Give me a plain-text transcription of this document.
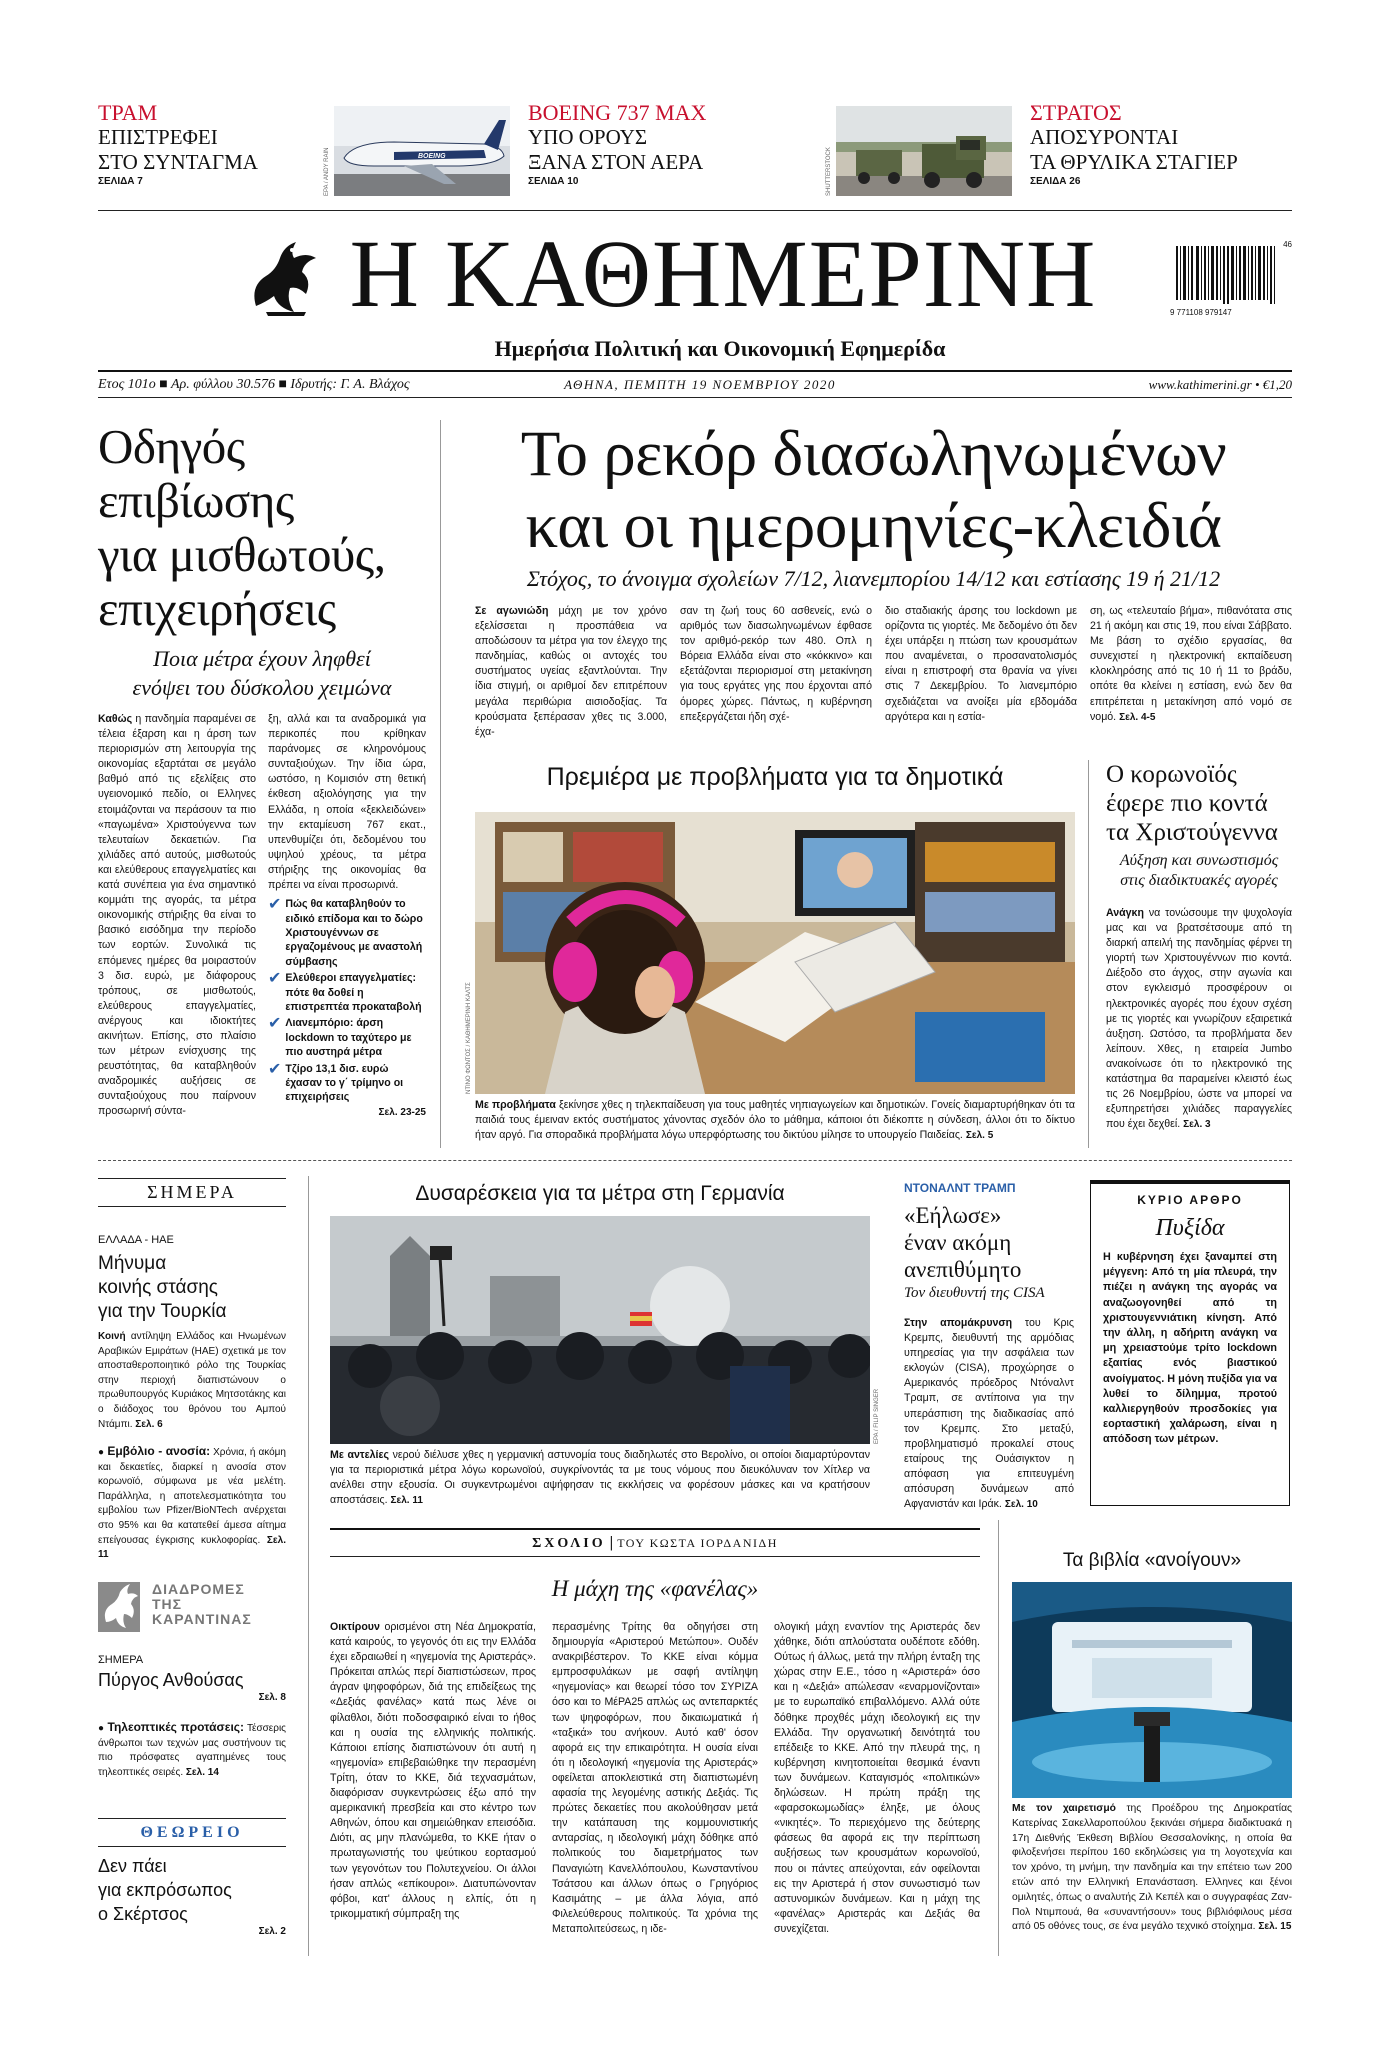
ΤΡΑΜ
ΕΠΙΣΤΡΕΦΕΙ
ΣΤΟ ΣΥΝΤΑΓΜΑ
ΣΕΛΙΔΑ 7
BOEING
EPA / ANDY RAIN
BOEING 737 MAX
ΥΠΟ ΟΡΟΥΣ
ΞΑΝΑ ΣΤΟΝ ΑΕΡΑ
ΣΕΛΙΔΑ 10	SHUTTERSTOCK
ΣΤΡΑΤΟΣ
ΑΠΟΣΥΡΟΝΤΑΙ
ΤΑ ΘΡΥΛΙΚΑ ΣΤΑΓΙΕΡ
ΣΕΛΙΔΑ 26
Η ΚΑΘΗΜΕΡΙΝΗ	46
9 771108 979147
Ημερήσια Πολιτική και Οικονομική Εφημερίδα
Ετος 101ο ■ Αρ. φύλλου 30.576 ■ Ιδρυτής: Γ. Α. Βλάχος	ΑΘΗΝΑ, ΠΕΜΠΤΗ 19 ΝΟΕΜΒΡΙΟΥ 2020	www.kathimerini.gr • €1,20
Οδηγός
επιβίωσης
για μισθωτούς,
επιχειρήσεις
Ποια μέτρα έχουν ληφθεί
ενόψει του δύσκολου χειμώνα

Καθώς η πανδημία παραμένει σε τέλεια έξαρση και η άρση των περιορισμών στη λειτουργία της οικονομίας εξαρτάται σε μεγάλο βαθμό από τις εξελίξεις στο υγειονομικό πεδίο, οι Ελληνες ετοιμάζονται να περάσουν τα πιο «παγωμένα» Χριστούγεννα των τελευταίων δεκαετιών. Για χιλιάδες από αυτούς, μισθωτούς και ελεύθερους επαγγελματίες και κατά συνέπεια για ένα σημαντικό κομμάτι της αγοράς, τα μέτρα οικονομικής στήριξης θα είναι το βασικό εισόδημα την περίοδο των εορτών. Συνολικά τις επόμενες ημέρες θα μοιραστούν 3 δισ. ευρώ, με διάφορους τρόπους, σε μισθωτούς, ελεύθερους επαγγελματίες, ανέργους και ιδιοκτήτες ακινήτων. Επίσης, στο πλαίσιο των μέτρων ενίσχυσης της ρευστότητας, θα καταβληθούν αναδρομικές αυξήσεις σε συνταξιούχους που παίρνουν προσωρινή σύντα-

ξη, αλλά και τα αναδρομικά για περικοπές που κρίθηκαν παράνομες σε κληρονόμους συνταξιούχων. Την ίδια ώρα, ωστόσο, η Κομισιόν στη θετική έκθεση αξιολόγησης για την Ελλάδα, η οποία «ξεκλειδώνει» την εκταμίευση 767 εκατ., υπενθυμίζει ότι, δεδομένου του υψηλού χρέους, τα μέτρα στήριξης της οικονομίας θα πρέπει να είναι προσωρινά.

✔ Πώς θα καταβληθούν το ειδικό επίδομα και το δώρο Χριστουγέννων σε εργαζομένους με αναστολή σύμβασης
✔ Ελεύθεροι επαγγελματίες: πότε θα δοθεί η επιστρεπτέα προκαταβολή
✔ Λιανεμπόριο: άρση lockdown το ταχύτερο με πιο αυστηρά μέτρα
✔ Τζίρο 13,1 δισ. ευρώ έχασαν το γ΄ τρίμηνο οι επιχειρήσεις
Σελ. 23-25
Το ρεκόρ διασωληνωμένων
και οι ημερομηνίες-κλειδιά
Στόχος, το άνοιγμα σχολείων 7/12, λιανεμπορίου 14/12 και εστίασης 19 ή 21/12

Σε αγωνιώδη μάχη με τον χρόνο εξελίσσεται η προσπάθεια να αποδώσουν τα μέτρα για τον έλεγχο της πανδημίας, καθώς οι αντοχές του συστήματος υγείας εξαντλούνται. Την ίδια στιγμή, οι αριθμοί δεν επιτρέπουν μεγάλα περιθώρια αισιοδοξίας. Τα κρούσματα ξεπέρασαν χθες τις 3.000, έχα-

σαν τη ζωή τους 60 ασθενείς, ενώ ο αριθμός των διασωληνωμένων έφθασε τον αριθμό-ρεκόρ των 480. Οπλ η Βόρεια Ελλάδα είναι στο «κόκκινο» και εξετάζονται περιορισμοί στη μετακίνηση για τους εργάτες γης που έρχονται από όμορες χώρες. Πάντως, η κυβέρνηση επεξεργάζεται ήδη σχέ-

διο σταδιακής άρσης του lockdown με ορίζοντα τις γιορτές. Με δεδομένο ότι δεν έχει υπάρξει η πτώση των κρουσμάτων που αναμένεται, ο προσανατολισμός είναι η επιστροφή στα θρανία να γίνει στις 7 Δεκεμβρίου. Το λιανεμπόριο σχεδιάζεται να ανοίξει μία εβδομάδα αργότερα και η εστία-

ση, ως «τελευταίο βήμα», πιθανότατα στις 21 ή ακόμη και στις 19, που είναι Σάββατο. Με βάση το σχέδιο εργασίας, θα συνεχιστεί η ηλεκτρονική εκπαίδευση κλοκληρόσης από τις 10 ή 11 το βράδυ, οπότε θα κλείνει η εστίαση, ενώ δεν θα επιτρέπεται η μετακίνηση από νομό σε νομό. Σελ. 4-5

Πρεμιέρα με προβλήματα για τα δημοτικά
ΝΤΙΝΟ ΦΩΝΤΟΣ / ΚΑΘΗΜΕΡΙΝΗ ΚΑΛΤΣ

Με προβλήματα ξεκίνησε χθες η τηλεκπαίδευση για τους μαθητές νηπιαγωγείων και δημοτικών. Γονείς διαμαρτυρήθηκαν ότι τα παιδιά τους έμειναν εκτός συστήματος χάνοντας σχεδόν όλο το μάθημα, κάποιοι ότι διέκοπτε η σύνδεση, άλλοι ότι το δίκτυο ήταν αργό. Για σποραδικά προβλήματα λόγω υπερφόρτωσης του δικτύου μίλησε το υπουργείο Παιδείας. Σελ. 5

Ο κορωνοϊός
έφερε πιο κοντά
τα Χριστούγεννα
Αύξηση και συνωστισμός
στις διαδικτυακές αγορές

Ανάγκη να τονώσουμε την ψυχολογία μας και να βρατσέτσουμε από τη διαρκή απειλή της πανδημίας φέρνει τη γιορτή των Χριστουγέννων πιο κοντά. Διέξοδο στο άγχος, στην αγωνία και στον εγκλεισμό προσφέρουν οι ηλεκτρονικές αγορές που έχουν σχέση με τις γιορτές και γνωρίζουν εξαιρετικά άυξηση. Ωστόσο, τα προβλήματα δεν λείπουν. Χθες, η εταιρεία Jumbo ανακοίνωσε ότι το ηλεκτρονικό της κατάστημα θα παραμείνει κλειστό έως τις 26 Νοεμβρίου, ώστε να μπορεί να εξυπηρετήσει χιλιάδες παραγγελίες που έχει δεχθεί. Σελ. 3

ΣΗΜΕΡΑ
ΕΛΛΑΔΑ - ΗΑΕ
Μήνυμα
κοινής στάσης
για την Τουρκία

Κοινή αντίληψη Ελλάδος και Ηνωμένων Αραβικών Εμιράτων (ΗΑΕ) σχετικά με τον αποσταθεροποιητικό ρόλο της Τουρκίας στην περιοχή διαπιστώνουν ο πρωθυπουργός Κυριάκος Μητσοτάκης και ο διάδοχος του θρόνου του Αμπού Ντάμπι. Σελ. 6

● Εμβόλιο - ανοσία: Χρόνια, ή ακόμη και δεκαετίες, διαρκεί η ανοσία στον κορωνοϊό, σύμφωνα με νέα μελέτη. Παράλληλα, η αποτελεσματικότητα του εμβολίου των Pfizer/BioNTech ανέρχεται στο 95% και θα κατατεθεί άμεσα αίτημα επείγουσας έγκρισης κυκλοφορίας. Σελ. 11

ΔΙΑΔΡΟΜΕΣ
ΤΗΣ
ΚΑΡΑΝΤΙΝΑΣ
ΣΗΜΕΡΑ
Πύργος Ανθούσας
Σελ. 8

● Τηλεοπτικές προτάσεις: Τέσσερις άνθρωποι των τεχνών μας συστήνουν τις πιο πρόσφατες αγαπημένες τους τηλεοπτικές σειρές. Σελ. 14

ΘΕΩΡΕΙΟ
Δεν πάει
για εκπρόσωπος
ο Σκέρτσος
Σελ. 2
Δυσαρέσκεια για τα μέτρα στη Γερμανία
EPA / FILIP SINGER

Με αντελίες νερού διέλυσε χθες η γερμανική αστυνομία τους διαδηλωτές στο Βερολίνο, οι οποίοι διαμαρτύρονταν για τα περιοριστικά μέτρα λόγω κορωνοϊού, συγκρίνοντάς τα με τους νόμους που διευκόλυναν τον Χίτλερ να ανέλθει στην εξουσία. Οι συγκεντρωμένοι αψήφησαν τις εκκλήσεις να φορέσουν μάσκες και να κρατήσουν αποστάσεις. Σελ. 11

ΝΤΟΝΑΛΝΤ ΤΡΑΜΠ
«Εήλωσε»
έναν ακόμη
ανεπιθύμητο
Τον διευθυντή της CISA

Στην απομάκρυνση του Κρις Κρεμπς, διευθυντή της αρμόδιας υπηρεσίας για την ασφάλεια των εκλογών (CISA), προχώρησε ο Αμερικανός πρόεδρος Ντόναλντ Τραμπ, σε αντίποινα για την υπεράσπιση της διαδικασίας από τον Κρεμπς. Στο μεταξύ, προβληματισμό προκαλεί στους εταίρους της Ουάσιγκτον η απόφαση για επιτευγμένη απόσυρση δυνάμεων από Αφγανιστάν και Ιράκ. Σελ. 10

ΚΥΡΙΟ ΑΡΘΡΟ
Πυξίδα

Η κυβέρνηση έχει ξαναμπεί στη μέγγενη: Από τη μία πλευρά, την πιέζει η ανάγκη της αγοράς να αναζωογονηθεί από τη χριστουγεννιάτικη κίνηση. Από την άλλη, η αδήριτη ανάγκη να μη χρειαστούμε τρίτο lockdown εξαιτίας ενός βιαστικού ανοίγματος. Η μόνη πυξίδα για να λυθεί το δίλημμα, προτού καλλιεργηθούν προσδοκίες για εορταστική χαλάρωση, είναι η απόδοση των μέτρων.

ΣΧΟΛΙΟ | ΤΟΥ ΚΩΣΤΑ ΙΟΡΔΑΝΙΔΗ
Η μάχη της «φανέλας»

Οικτίρουν ορισμένοι στη Νέα Δημοκρατία, κατά καιρούς, το γεγονός ότι εις την Ελλάδα έχει εδραιωθεί η «ηγεμονία της Αριστεράς». Πρόκειται απλώς περί διαπιστώσεων, προς άγραν ψηφοφόρων, διά της επιδείξεως της «Δεξιάς φανέλας» κατά πως λένε οι φίλαθλοι, διότι ποδοσφαιρικό είναι το ήθος και η ουσία της ελληνικής πολιτικής. Κάποιοι επίσης διαπιστώνουν ότι αυτή η «ηγεμονία» επιβεβαιώθηκε την περασμένη Τρίτη, όταν το ΚΚΕ, διά τεχνασμάτων, διαφόρισαν συγκεντρώσεις έξω από την αμερικανική πρεσβεία και στο κέντρο των Αθηνών, όπου και σημειώθηκαν επεισόδια. Διότι, ας μην πλανώμεθα, το ΚΚΕ ήταν ο πρωταγωνιστής του ψεύτικου εορτασμού των γεγονότων του Πολυτεχνείου. Οι άλλοι ήσαν απλώς «επίκουροι». Διατυπώνονταν φόβοι, κατ' άλλους η ελπίς, ότι η τρικομματική σύμπραξη της

περασμένης Τρίτης θα οδηγήσει στη δημιουργία «Αριστερού Μετώπου». Ουδέν ανακριβέστερον. Το ΚΚΕ είναι κόμμα εμπροσφυλάκων με σαφή αντίληψη «ηγεμονίας» και θεωρεί τόσο τον ΣΥΡΙΖΑ όσο και το ΜέΡΑ25 απλώς ως αντεπαρκτές των ψηφοφόρων, που δικαιωματικά ή «ταξικά» του ανήκουν. Αυτό καθ' όσον αφορά εις την επικαιρότητα. Η ουσία είναι ότι η ιδεολογική «ηγεμονία της Αριστεράς» οφείλεται αποκλειστικά στη διαπιστωμένη αφασία της λεγομένης αστικής Δεξιάς. Τις πρώτες δεκαετίες που ακολούθησαν μετά την κατάπαυση της κομμουνιστικής ανταρσίας, η ιδεολογική μάχη δόθηκε από πολιτικούς του διαμετρήματος των Παναγιώτη Κανελλόπουλου, Κωνσταντίνου Τσάτσου και άλλων όπως ο Γρηγόριος Κασιμάτης – με άλλα λόγια, από Φιλελεύθερους πολιτικούς. Τα χρόνια της Μεταπολιτεύσεως, η ιδε-

ολογική μάχη εναντίον της Αριστεράς δεν χάθηκε, διότι απλούστατα ουδέποτε εδόθη. Ούτως ή άλλως, μετά την πλήρη ένταξη της χώρας στην Ε.Ε., τόσο η «Αριστερά» όσο και η «Δεξιά» απώλεσαν «εναρμονίζονται» με το ευρωπαϊκό επιβαλλόμενο. Αλλά ούτε δόθηκε προχθές μάχη ιδεολογική εις την Ελλάδα. Την οργανωτική δεινότητά του επέδειξε το ΚΚΕ. Από την πλευρά της, η κυβέρνηση κινητοποιείται θεσμικά έναντι των δυνάμεων. Καταγισμός «πολιτικών» δηλώσεων. Η πρώτη πράξη της «φαρσοκωμωδίας» έληξε, με όλους «νικητές». Το περιεχόμενο της δεύτερης φάσεως θα αφορά εις την περίπτωση αυξήσεως των κρουσμάτων κορωνοϊού, που οι πάντες απεύχονται, εάν οφείλονται εις την Αριστερά ή στον συνωστισμό των αστυνομικών δυνάμεων. Και η μάχη της «φανέλας» Αριστεράς και Δεξιάς θα συνεχίζεται.

Τα βιβλία «ανοίγουν»

Με τον χαιρετισμό της Προέδρου της Δημοκρατίας Κατερίνας Σακελλαροπούλου ξεκινάει σήμερα διαδικτυακά η 17η Διεθνής Έκθεση Βιβλίου Θεσσαλονίκης, η οποία θα φιλοξενήσει περίπου 160 εκδηλώσεις για τη λογοτεχνία και τον χρόνο, τη μνήμη, την πανδημία και την επέτειο των 200 ετών από την Ελληνική Επανάσταση. Ελληνες και ξένοι ομιλητές, όπως ο αναλυτής Ζιλ Κεπέλ και ο συγγραφέας Ζαν-Πολ Ντιμπουά, θα «συναντήσουν» τους βιβλιόφιλους μέσα από 05 οθόνες τους, σε ένα μεγάλο τεχνικό στοίχημα. Σελ. 15
